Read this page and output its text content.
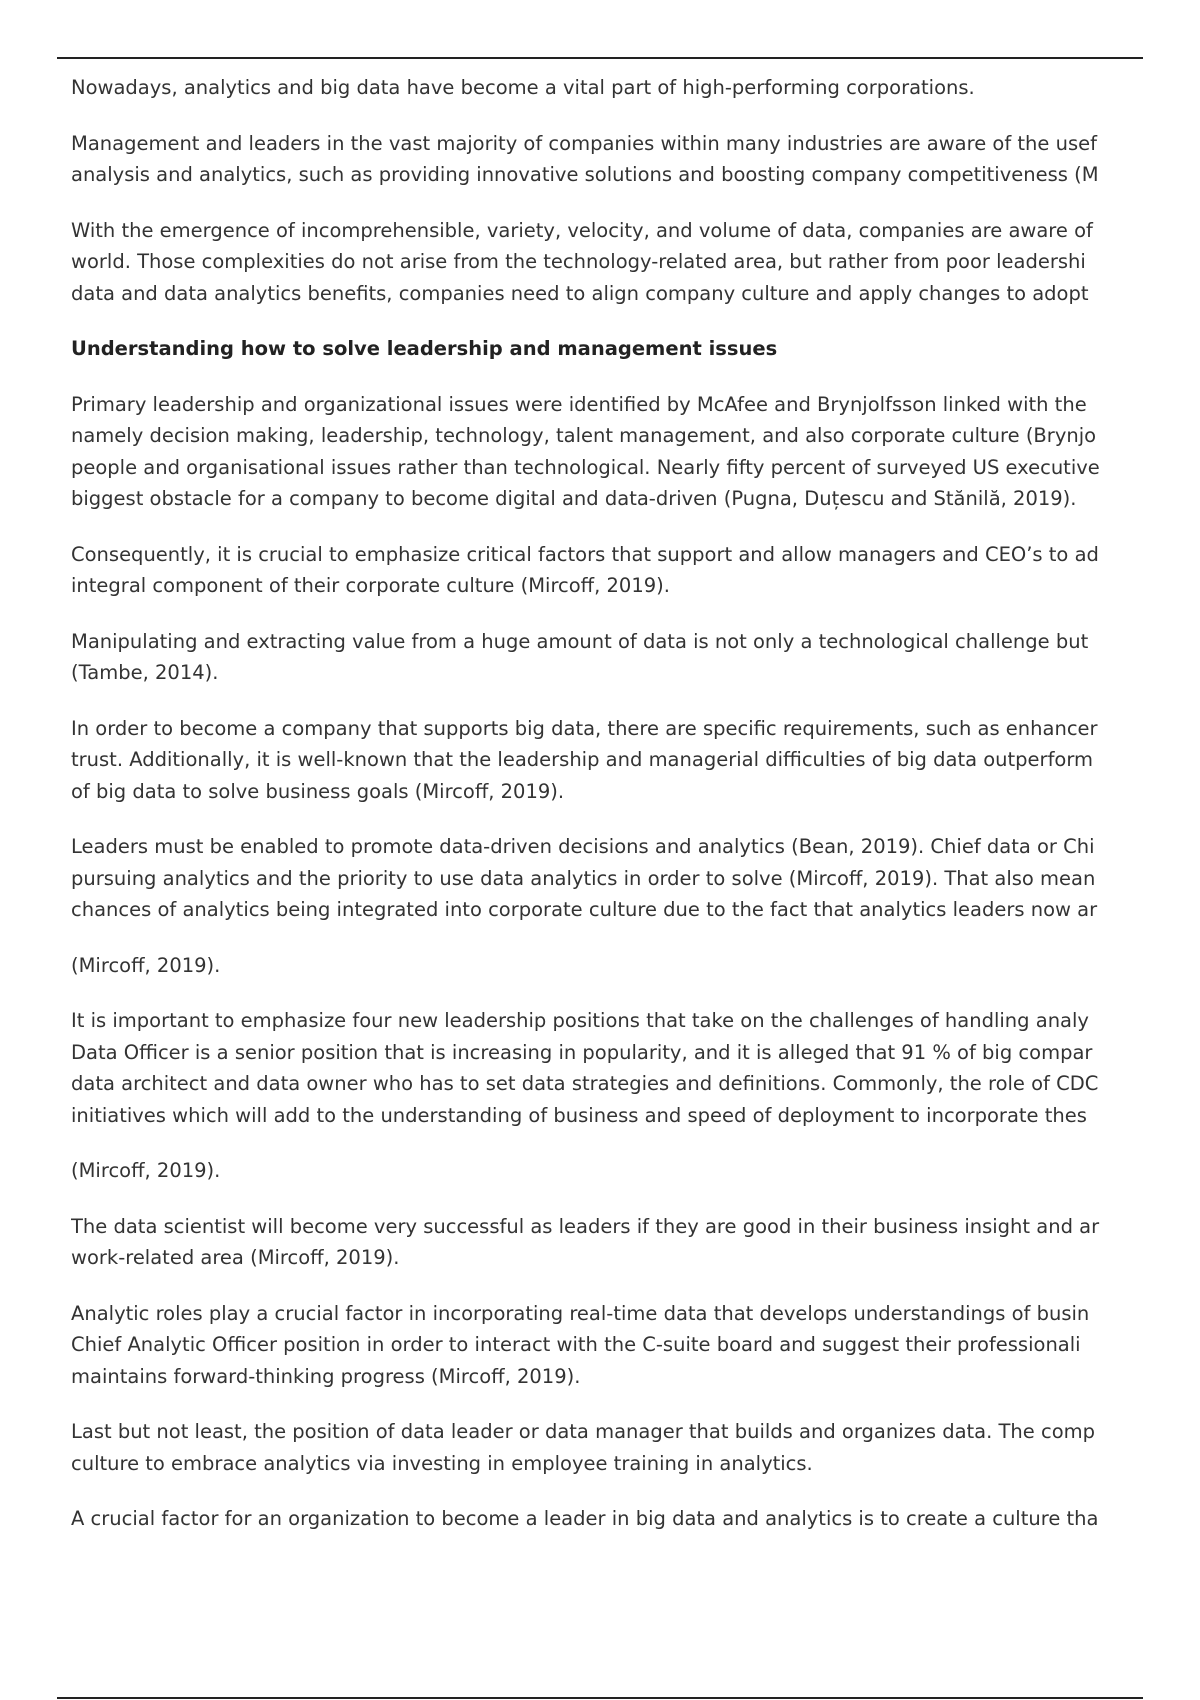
Nowadays, analytics and big data have become a vital part of high-performing corporations.

Management and leaders in the vast majority of companies within many industries are aware of the usef
analysis and analytics, such as providing innovative solutions and boosting company competitiveness (M

With the emergence of incomprehensible, variety, velocity, and volume of data, companies are aware of
world. Those complexities do not arise from the technology-related area, but rather from poor leadershi
data and data analytics benefits, companies need to align company culture and apply changes to adopt

Understanding how to solve leadership and management issues

Primary leadership and organizational issues were identified by McAfee and Brynjolfsson linked with the
namely decision making, leadership, technology, talent management, and also corporate culture (Brynjo
people and organisational issues rather than technological. Nearly fifty percent of surveyed US executive
biggest obstacle for a company to become digital and data-driven (Pugna, Duțescu and Stănilă, 2019).

Consequently, it is crucial to emphasize critical factors that support and allow managers and CEO’s to ad
integral component of their corporate culture (Mircoff, 2019).

Manipulating and extracting value from a huge amount of data is not only a technological challenge but
(Tambe, 2014).

In order to become a company that supports big data, there are specific requirements, such as enhancer
trust. Additionally, it is well-known that the leadership and managerial difficulties of big data outperform
of big data to solve business goals (Mircoff, 2019).

Leaders must be enabled to promote data-driven decisions and analytics (Bean, 2019). Chief data or Chi
pursuing analytics and the priority to use data analytics in order to solve (Mircoff, 2019). That also mean
chances of analytics being integrated into corporate culture due to the fact that analytics leaders now ar

(Mircoff, 2019).

It is important to emphasize four new leadership positions that take on the challenges of handling analy
Data Officer is a senior position that is increasing in popularity, and it is alleged that 91 % of big compar
data architect and data owner who has to set data strategies and definitions. Commonly, the role of CDC
initiatives which will add to the understanding of business and speed of deployment to incorporate thes

(Mircoff, 2019).

The data scientist will become very successful as leaders if they are good in their business insight and ar
work-related area (Mircoff, 2019).

Analytic roles play a crucial factor in incorporating real-time data that develops understandings of busin
Chief Analytic Officer position in order to interact with the C-suite board and suggest their professionali
maintains forward-thinking progress (Mircoff, 2019).

Last but not least, the position of data leader or data manager that builds and organizes data. The comp
culture to embrace analytics via investing in employee training in analytics.

A crucial factor for an organization to become a leader in big data and analytics is to create a culture tha
